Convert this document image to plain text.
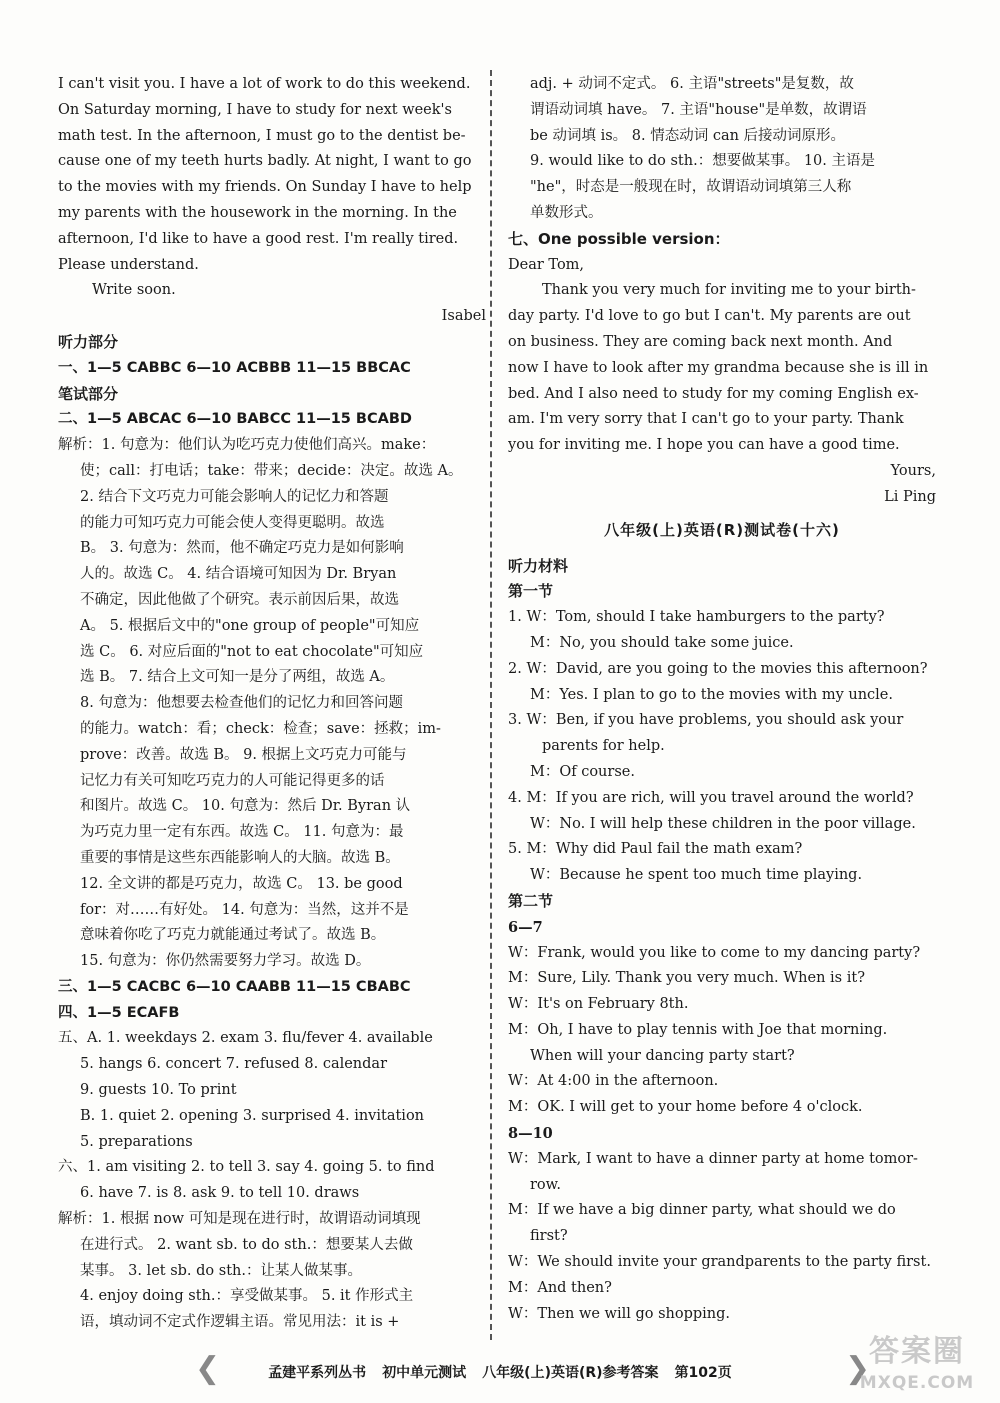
I can't visit you. I have a lot of work to do this weekend.
On Saturday morning, I have to study for next week's
math test. In the afternoon, I must go to the dentist be-
cause one of my teeth hurts badly. At night, I want to go
to the movies with my friends. On Sunday I have to help
my parents with the housework in the morning. In the
afternoon, I'd like to have a good rest. I'm really tired.
Please understand.
Write soon.
Isabel
听力部分
一、1—5 CABBC 6—10 ACBBB 11—15 BBCAC
笔试部分
二、1—5 ABCAC 6—10 BABCC 11—15 BCABD
解析：1. 句意为：他们认为吃巧克力使他们高兴。make：
使；call：打电话；take：带来；decide：决定。故选 A。
2. 结合下文巧克力可能会影响人的记忆力和答题
的能力可知巧克力可能会使人变得更聪明。故选
B。 3. 句意为：然而，他不确定巧克力是如何影响
人的。故选 C。 4. 结合语境可知因为 Dr. Bryan
不确定，因此他做了个研究。表示前因后果，故选
A。 5. 根据后文中的"one group of people"可知应
选 C。 6. 对应后面的"not to eat chocolate"可知应
选 B。 7. 结合上文可知一是分了两组，故选 A。
8. 句意为：他想要去检查他们的记忆力和回答问题
的能力。watch：看；check：检查；save：拯救；im-
prove：改善。故选 B。 9. 根据上文巧克力可能与
记忆力有关可知吃巧克力的人可能记得更多的话
和图片。故选 C。 10. 句意为：然后 Dr. Byran 认
为巧克力里一定有东西。故选 C。 11. 句意为：最
重要的事情是这些东西能影响人的大脑。故选 B。
12. 全文讲的都是巧克力，故选 C。 13. be good
for：对……有好处。 14. 句意为：当然，这并不是
意味着你吃了巧克力就能通过考试了。故选 B。
15. 句意为：你仍然需要努力学习。故选 D。
三、1—5 CACBC 6—10 CAABB 11—15 CBABC
四、1—5 ECAFB
五、A. 1. weekdays 2. exam 3. flu/fever 4. available
5. hangs 6. concert 7. refused 8. calendar
9. guests 10. To print
B. 1. quiet 2. opening 3. surprised 4. invitation
5. preparations
六、1. am visiting 2. to tell 3. say 4. going 5. to find
6. have 7. is 8. ask 9. to tell 10. draws
解析：1. 根据 now 可知是现在进行时，故谓语动词填现
在进行式。 2. want sb. to do sth.：想要某人去做
某事。 3. let sb. do sth.：让某人做某事。
4. enjoy doing sth.：享受做某事。 5. it 作形式主
语，填动词不定式作逻辑主语。常见用法：it is +
adj. + 动词不定式。 6. 主语"streets"是复数，故
谓语动词填 have。 7. 主语"house"是单数，故谓语
be 动词填 is。 8. 情态动词 can 后接动词原形。
9. would like to do sth.：想要做某事。 10. 主语是
"he"，时态是一般现在时，故谓语动词填第三人称
单数形式。
七、One possible version：
Dear Tom,
Thank you very much for inviting me to your birth-
day party. I'd love to go but I can't. My parents are out
on business. They are coming back next month. And
now I have to look after my grandma because she is ill in
bed. And I also need to study for my coming English ex-
am. I'm very sorry that I can't go to your party. Thank
you for inviting me. I hope you can have a good time.
Yours,
Li Ping
八年级(上)英语(R)测试卷(十六)
听力材料
第一节
1. W：Tom, should I take hamburgers to the party?
M：No, you should take some juice.
2. W：David, are you going to the movies this afternoon?
M：Yes. I plan to go to the movies with my uncle.
3. W：Ben, if you have problems, you should ask your
parents for help.
M：Of course.
4. M：If you are rich, will you travel around the world?
W：No. I will help these children in the poor village.
5. M：Why did Paul fail the math exam?
W：Because he spent too much time playing.
第二节
6—7
W：Frank, would you like to come to my dancing party?
M：Sure, Lily. Thank you very much. When is it?
W：It's on February 8th.
M：Oh, I have to play tennis with Joe that morning.
When will your dancing party start?
W：At 4:00 in the afternoon.
M：OK. I will get to your home before 4 o'clock.
8—10
W：Mark, I want to have a dinner party at home tomor-
row.
M：If we have a big dinner party, what should we do
first?
W：We should invite your grandparents to the party first.
M：And then?
W：Then we will go shopping.
❮	孟建平系列丛书 初中单元测试 八年级(上)英语(R)参考答案 第102页	❯
答案圈
MXQE.COM
